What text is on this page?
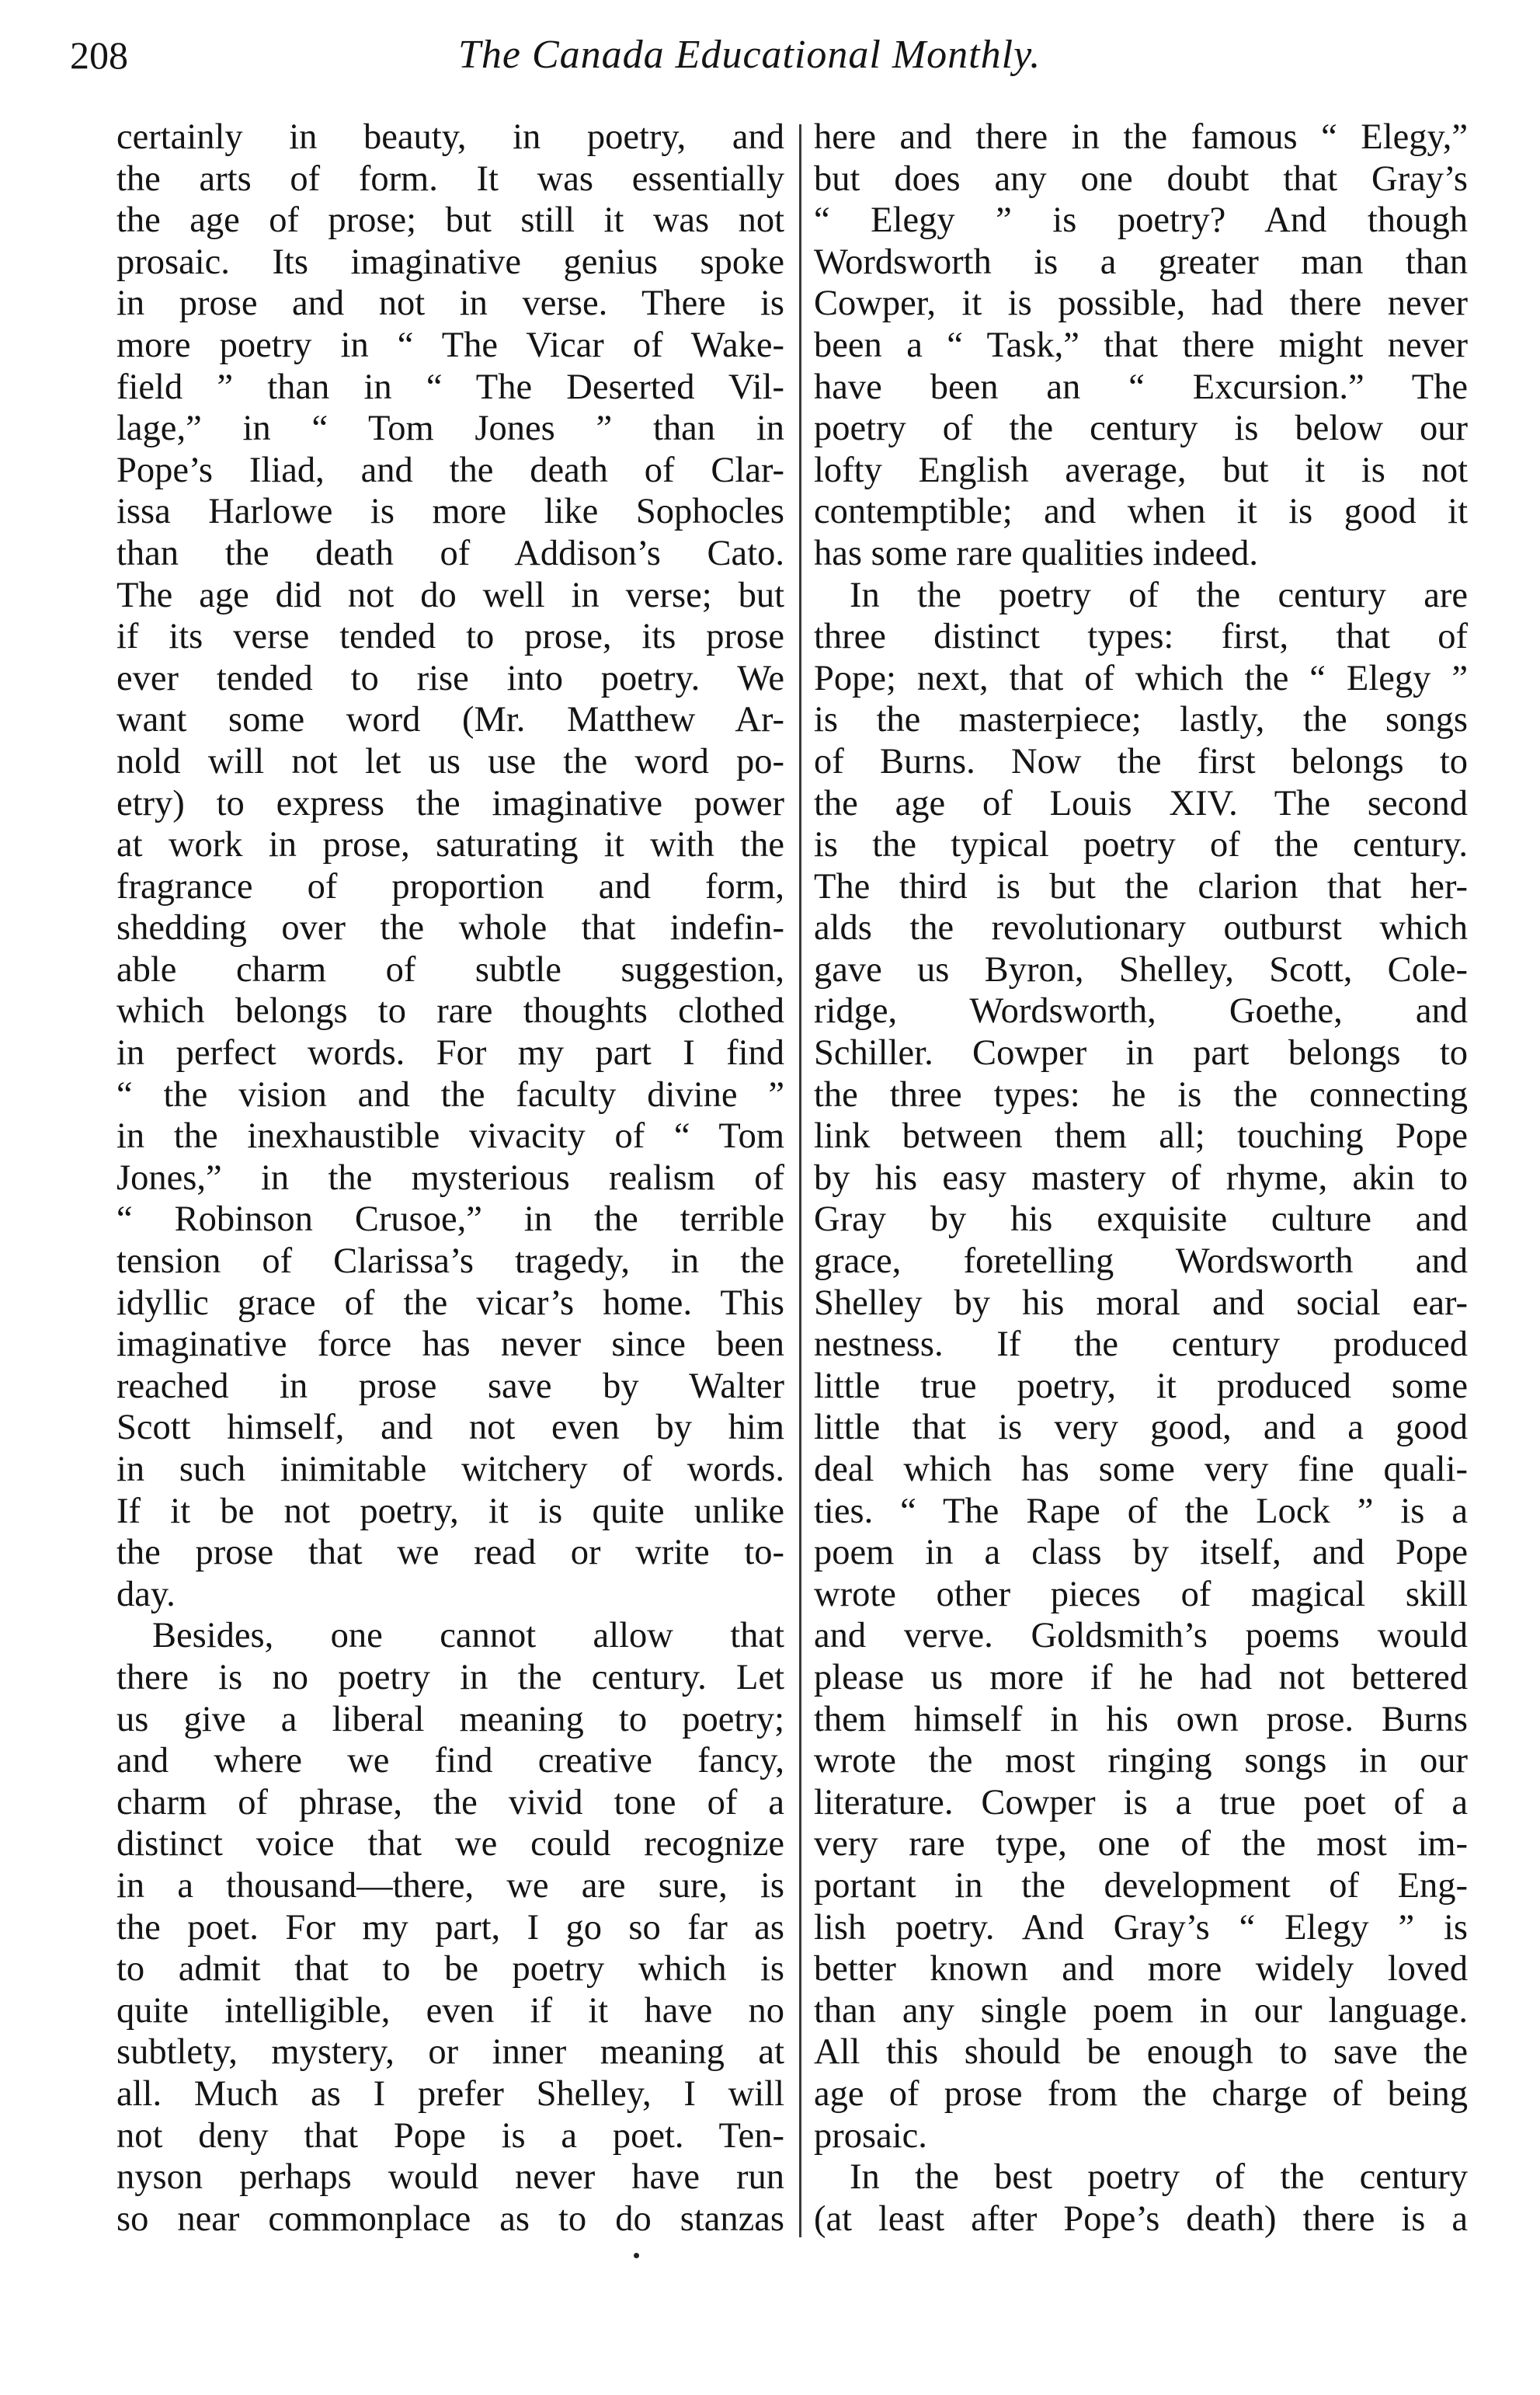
208	The Canada Educational Monthly.
certainly in beauty, in poetry, and
the arts of form. It was essentially
the age of prose; but still it was not
prosaic. Its imaginative genius spoke
in prose and not in verse. There is
more poetry in “ The Vicar of Wake-
field ” than in “ The Deserted Vil-
lage,” in “ Tom Jones ” than in
Pope’s Iliad, and the death of Clar-
issa Harlowe is more like Sophocles
than the death of Addison’s Cato.
The age did not do well in verse; but
if its verse tended to prose, its prose
ever tended to rise into poetry. We
want some word (Mr. Matthew Ar-
nold will not let us use the word po-
etry) to express the imaginative power
at work in prose, saturating it with the
fragrance of proportion and form,
shedding over the whole that indefin-
able charm of subtle suggestion,
which belongs to rare thoughts clothed
in perfect words. For my part I find
“ the vision and the faculty divine ”
in the inexhaustible vivacity of “ Tom
Jones,” in the mysterious realism of
“ Robinson Crusoe,” in the terrible
tension of Clarissa’s tragedy, in the
idyllic grace of the vicar’s home. This
imaginative force has never since been
reached in prose save by Walter
Scott himself, and not even by him
in such inimitable witchery of words.
If it be not poetry, it is quite unlike
the prose that we read or write to-
day.
Besides, one cannot allow that
there is no poetry in the century. Let
us give a liberal meaning to poetry;
and where we find creative fancy,
charm of phrase, the vivid tone of a
distinct voice that we could recognize
in a thousand—there, we are sure, is
the poet. For my part, I go so far as
to admit that to be poetry which is
quite intelligible, even if it have no
subtlety, mystery, or inner meaning at
all. Much as I prefer Shelley, I will
not deny that Pope is a poet. Ten-
nyson perhaps would never have run
so near commonplace as to do stanzas
here and there in the famous “ Elegy,”
but does any one doubt that Gray’s
“ Elegy ” is poetry? And though
Wordsworth is a greater man than
Cowper, it is possible, had there never
been a “ Task,” that there might never
have been an “ Excursion.” The
poetry of the century is below our
lofty English average, but it is not
contemptible; and when it is good it
has some rare qualities indeed.
In the poetry of the century are
three distinct types: first, that of
Pope; next, that of which the “ Elegy ”
is the masterpiece; lastly, the songs
of Burns. Now the first belongs to
the age of Louis XIV. The second
is the typical poetry of the century.
The third is but the clarion that her-
alds the revolutionary outburst which
gave us Byron, Shelley, Scott, Cole-
ridge, Wordsworth, Goethe, and
Schiller. Cowper in part belongs to
the three types: he is the connecting
link between them all; touching Pope
by his easy mastery of rhyme, akin to
Gray by his exquisite culture and
grace, foretelling Wordsworth and
Shelley by his moral and social ear-
nestness. If the century produced
little true poetry, it produced some
little that is very good, and a good
deal which has some very fine quali-
ties. “ The Rape of the Lock ” is a
poem in a class by itself, and Pope
wrote other pieces of magical skill
and verve. Goldsmith’s poems would
please us more if he had not bettered
them himself in his own prose. Burns
wrote the most ringing songs in our
literature. Cowper is a true poet of a
very rare type, one of the most im-
portant in the development of Eng-
lish poetry. And Gray’s “ Elegy ” is
better known and more widely loved
than any single poem in our language.
All this should be enough to save the
age of prose from the charge of being
prosaic.
In the best poetry of the century
(at least after Pope’s death) there is a
